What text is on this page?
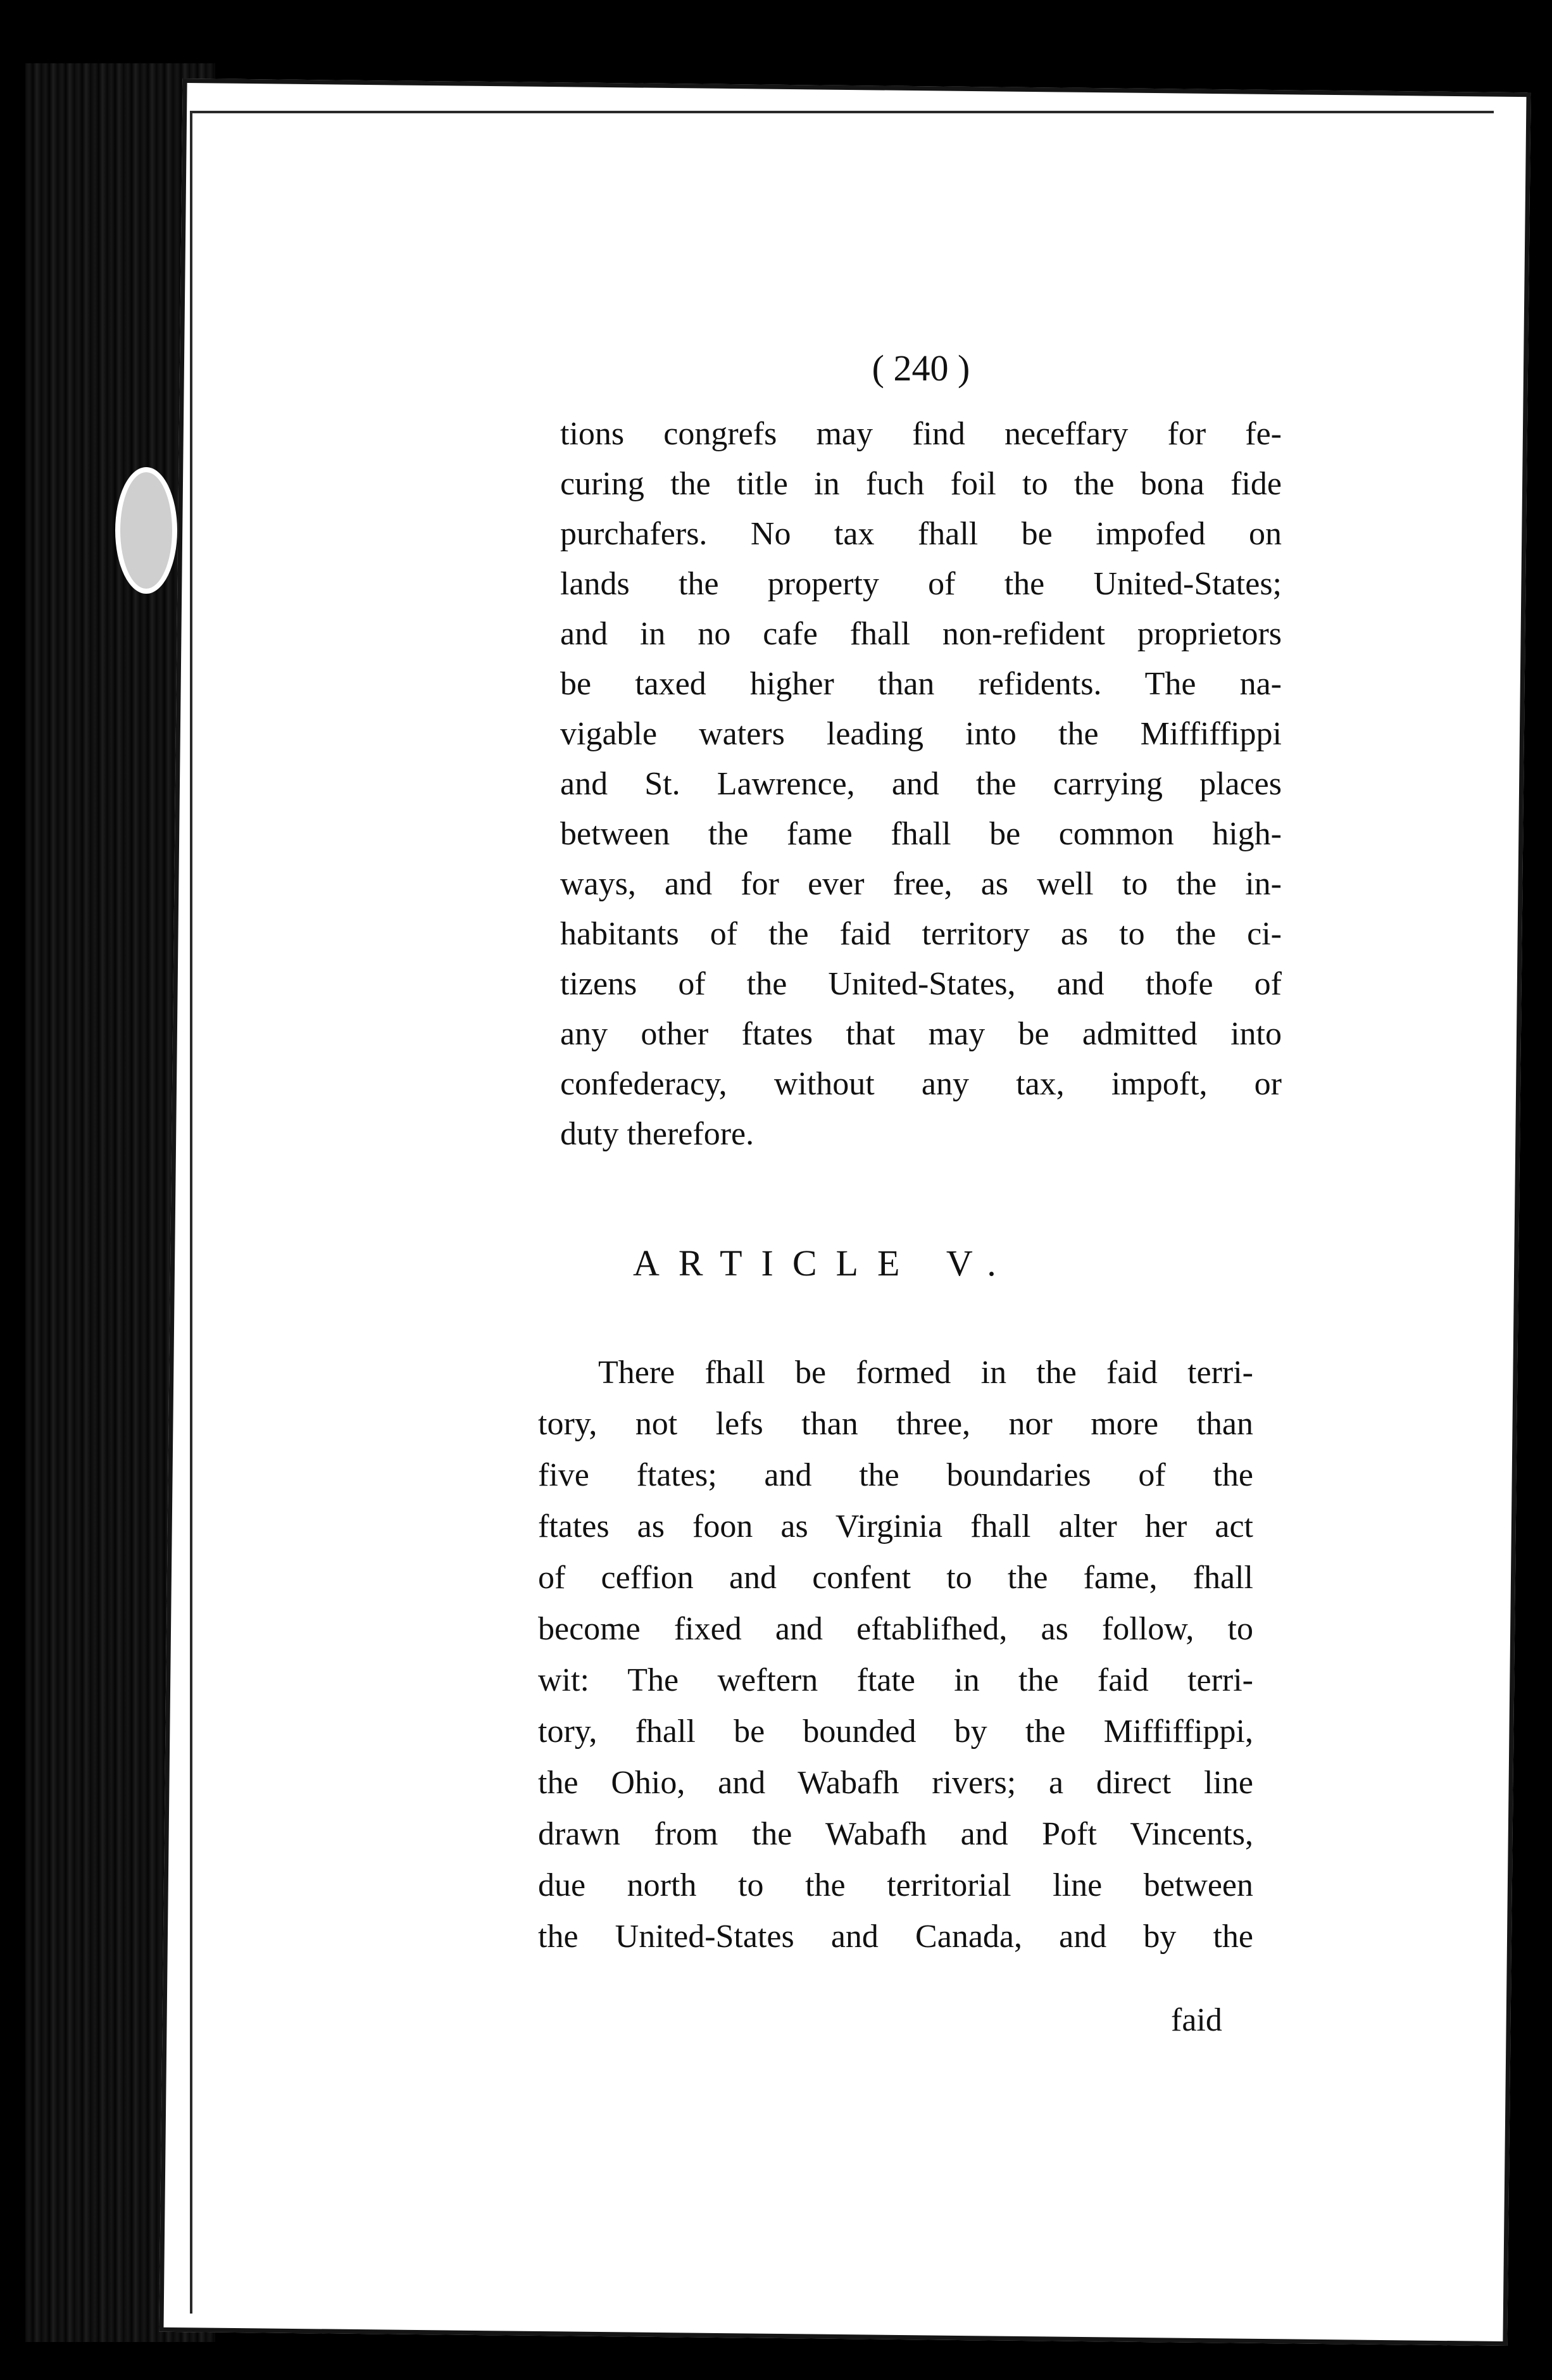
( 240 )
tions congrefs may find neceffary for fe-
curing the title in fuch foil to the bona fide
purchafers. No tax fhall be impofed on
lands the property of the United-States;
and in no cafe fhall non-refident proprietors
be taxed higher than refidents. The na-
vigable waters leading into the Miffiffippi
and St. Lawrence, and the carrying places
between the fame fhall be common high-
ways, and for ever free, as well to the in-
habitants of the faid territory as to the ci-
tizens of the United-States, and thofe of
any other ftates that may be admitted into
confederacy, without any tax, impoft, or
duty therefore.
ARTICLE V.
There fhall be formed in the faid terri-
tory, not lefs than three, nor more than
five ftates; and the boundaries of the
ftates as foon as Virginia fhall alter her act
of ceffion and confent to the fame, fhall
become fixed and eftablifhed, as follow, to
wit: The weftern ftate in the faid terri-
tory, fhall be bounded by the Miffiffippi,
the Ohio, and Wabafh rivers; a direct line
drawn from the Wabafh and Poft Vincents,
due north to the territorial line between
the United-States and Canada, and by the
faid
